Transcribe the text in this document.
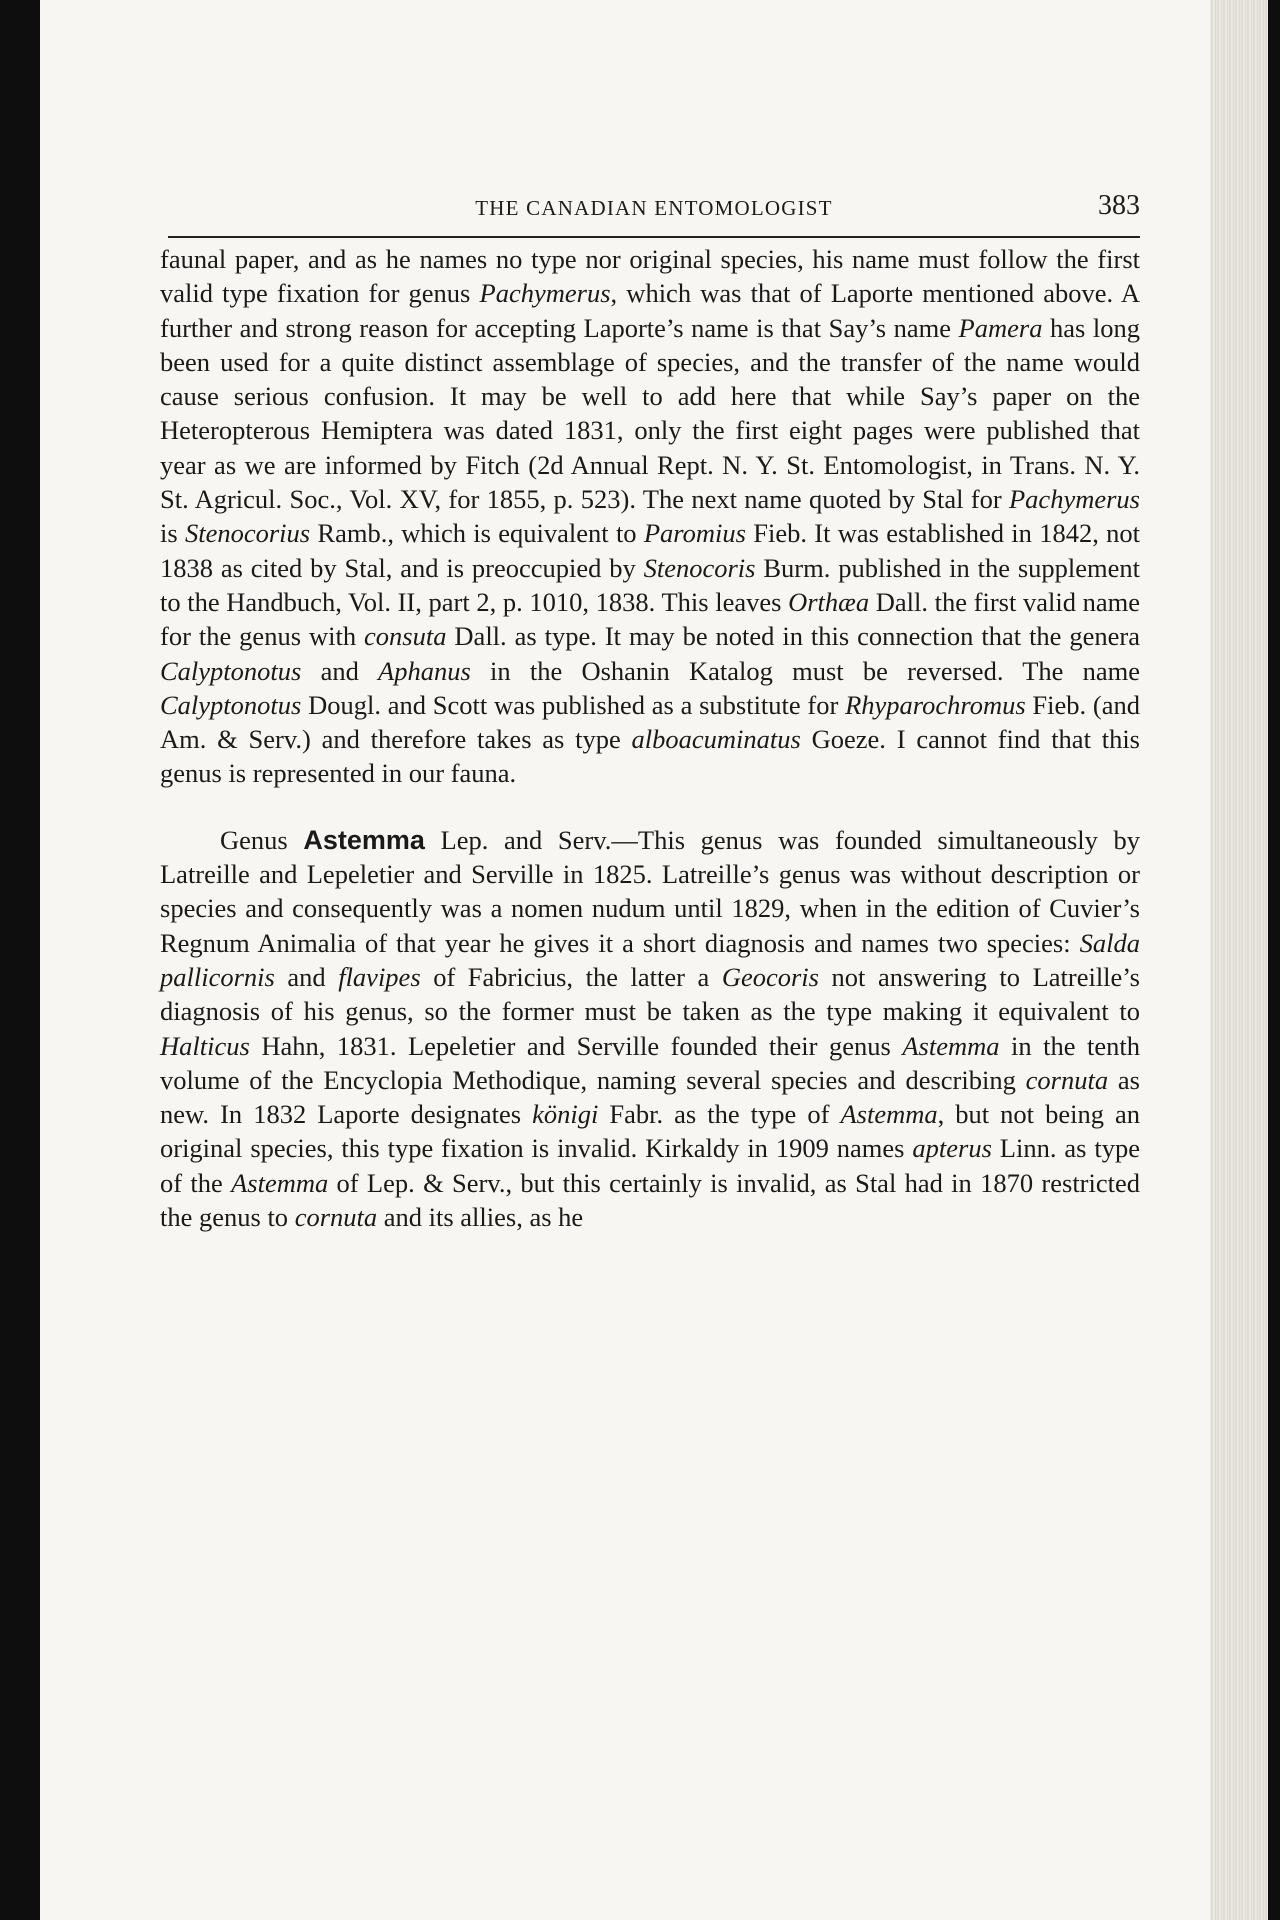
THE CANADIAN ENTOMOLOGIST	383

faunal paper, and as he names no type nor original species, his name must follow the first valid type fixation for genus Pachymerus, which was that of Laporte mentioned above. A further and strong reason for accepting Laporte’s name is that Say’s name Pamera has long been used for a quite distinct assemblage of species, and the transfer of the name would cause serious confusion. It may be well to add here that while Say’s paper on the Heteropterous Hemiptera was dated 1831, only the first eight pages were published that year as we are informed by Fitch (2d Annual Rept. N. Y. St. Entomologist, in Trans. N. Y. St. Agricul. Soc., Vol. XV, for 1855, p. 523). The next name quoted by Stal for Pachymerus is Stenocorius Ramb., which is equivalent to Paromius Fieb. It was established in 1842, not 1838 as cited by Stal, and is preoccupied by Stenocoris Burm. published in the supplement to the Handbuch, Vol. II, part 2, p. 1010, 1838. This leaves Orthæa Dall. the first valid name for the genus with consuta Dall. as type. It may be noted in this connection that the genera Calyptonotus and Aphanus in the Oshanin Katalog must be reversed. The name Calyptonotus Dougl. and Scott was published as a substitute for Rhyparochromus Fieb. (and Am. & Serv.) and therefore takes as type alboacuminatus Goeze. I cannot find that this genus is represented in our fauna.

Genus Astemma Lep. and Serv.—This genus was founded simultaneously by Latreille and Lepeletier and Serville in 1825. Latreille’s genus was without description or species and consequently was a nomen nudum until 1829, when in the edition of Cuvier’s Regnum Animalia of that year he gives it a short diagnosis and names two species: Salda pallicornis and flavipes of Fabricius, the latter a Geocoris not answering to Latreille’s diagnosis of his genus, so the former must be taken as the type making it equivalent to Halticus Hahn, 1831. Lepeletier and Serville founded their genus Astemma in the tenth volume of the Encyclopia Methodique, naming several species and describing cornuta as new. In 1832 Laporte designates königi Fabr. as the type of Astemma, but not being an original species, this type fixation is invalid. Kirkaldy in 1909 names apterus Linn. as type of the Astemma of Lep. & Serv., but this certainly is invalid, as Stal had in 1870 restricted the genus to cornuta and its allies, as he
